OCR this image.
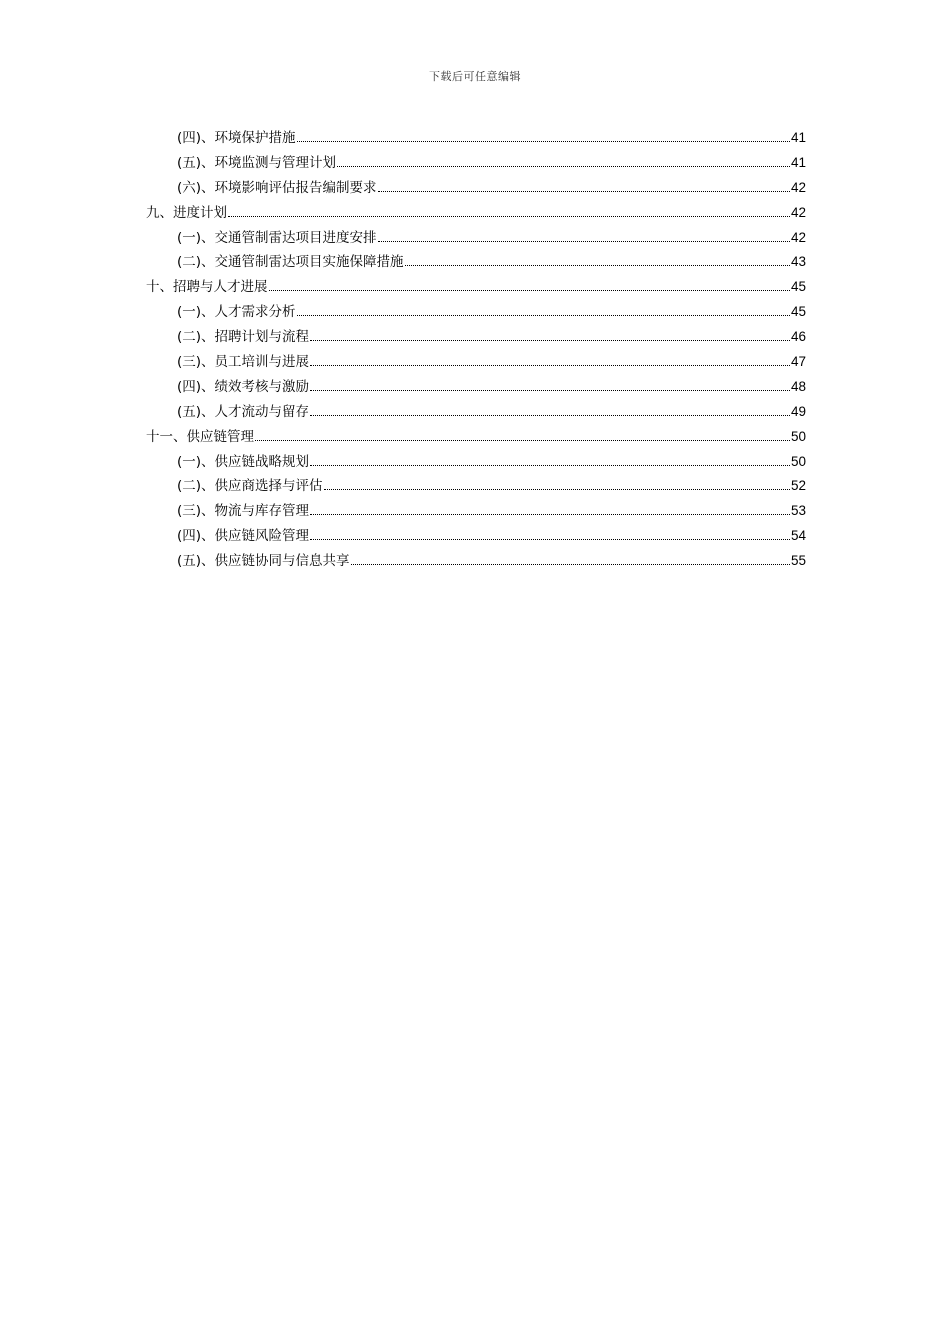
下载后可任意编辑
(四)、环境保护措施	41
(五)、环境监测与管理计划	41
(六)、环境影响评估报告编制要求	42
九、进度计划	42
(一)、交通管制雷达项目进度安排	42
(二)、交通管制雷达项目实施保障措施	43
十、招聘与人才进展	45
(一)、人才需求分析	45
(二)、招聘计划与流程	46
(三)、员工培训与进展	47
(四)、绩效考核与激励	48
(五)、人才流动与留存	49
十一、供应链管理	50
(一)、供应链战略规划	50
(二)、供应商选择与评估	52
(三)、物流与库存管理	53
(四)、供应链风险管理	54
(五)、供应链协同与信息共享	55
